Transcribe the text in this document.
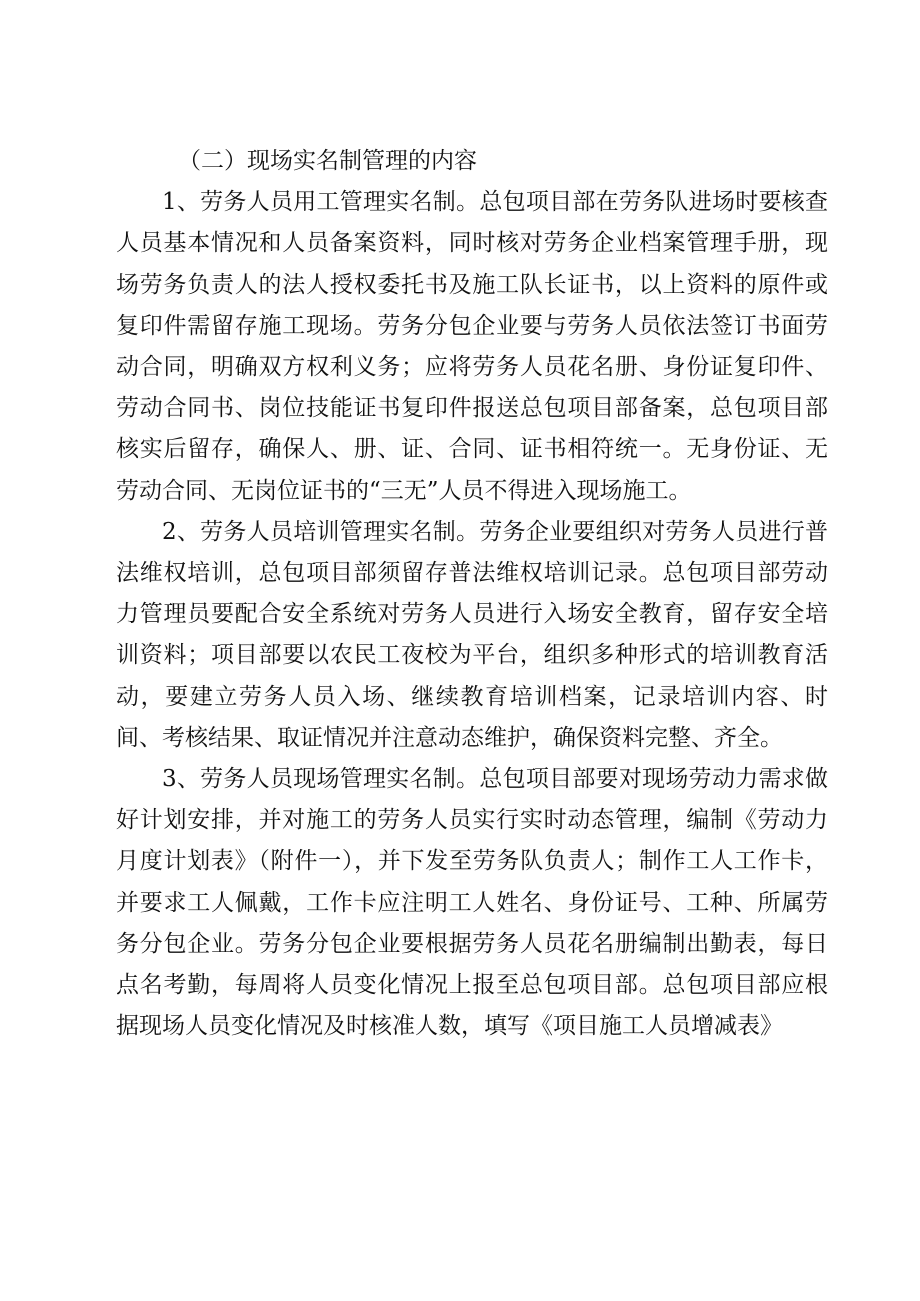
（二）现场实名制管理的内容

1、劳务人员用工管理实名制。总包项目部在劳务队进场时要核查人员基本情况和人员备案资料，同时核对劳务企业档案管理手册，现场劳务负责人的法人授权委托书及施工队长证书，以上资料的原件或复印件需留存施工现场。劳务分包企业要与劳务人员依法签订书面劳动合同，明确双方权利义务；应将劳务人员花名册、身份证复印件、劳动合同书、岗位技能证书复印件报送总包项目部备案，总包项目部核实后留存，确保人、册、证、合同、证书相符统一。无身份证、无劳动合同、无岗位证书的“三无”人员不得进入现场施工。

2、劳务人员培训管理实名制。劳务企业要组织对劳务人员进行普法维权培训，总包项目部须留存普法维权培训记录。总包项目部劳动力管理员要配合安全系统对劳务人员进行入场安全教育，留存安全培训资料；项目部要以农民工夜校为平台，组织多种形式的培训教育活动，要建立劳务人员入场、继续教育培训档案，记录培训内容、时间、考核结果、取证情况并注意动态维护，确保资料完整、齐全。

3、劳务人员现场管理实名制。总包项目部要对现场劳动力需求做好计划安排，并对施工的劳务人员实行实时动态管理，编制《劳动力月度计划表》（附件一），并下发至劳务队负责人；制作工人工作卡，并要求工人佩戴，工作卡应注明工人姓名、身份证号、工种、所属劳务分包企业。劳务分包企业要根据劳务人员花名册编制出勤表，每日点名考勤，每周将人员变化情况上报至总包项目部。总包项目部应根据现场人员变化情况及时核准人数，填写《项目施工人员增减表》
